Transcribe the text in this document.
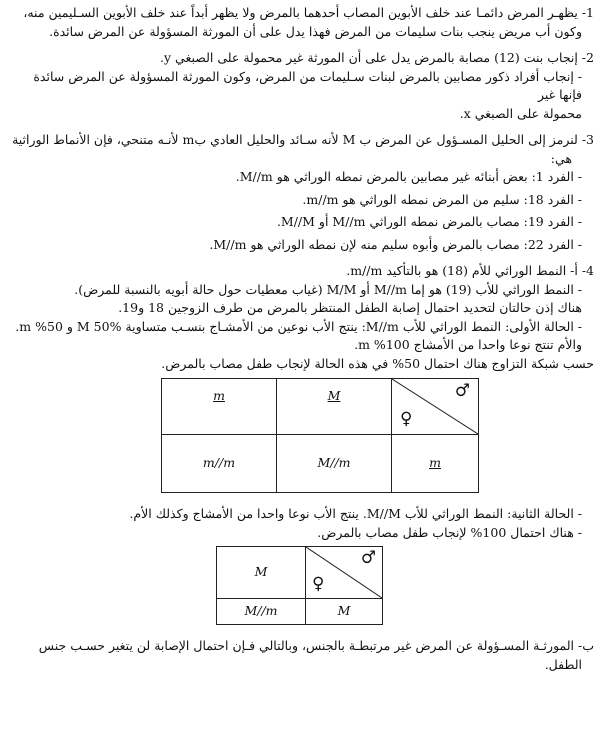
1- يظهـر المرض دائمـا عند خلف الأبوين المصاب أحدهما بالمرض ولا يظهر أبداً عند خلف الأبوين السـليمين منه،

وكون أب مريض ينجب بنات سليمات من المرض فهذا يدل على أن المورثة المسؤولة عن المرض سائدة.

2- إنجاب بنت (12) مصابة بالمرض يدل على أن المورثة غير محمولة على الصبغي y.

- إنجاب أفراد ذكور مصابين بالمرض لبنات سـليمات من المرض، وكون المورثة المسؤولة عن المرض سائدة فإنها غير

محمولة على الصبغي x.

3- لنرمز إلى الحليل المسـؤول عن المرض ب M لأنه سـائد والحليل العادي بm لأنـه متنحي، فإن الأنماط الوراثية

هي:

- الفرد 1: بعض أبنائه غير مصابين بالمرض نمطه الوراثي هو M//m.

- الفرد 18: سليم من المرض نمطه الوراثي هو m//m.

- الفرد 19: مصاب بالمرض نمطه الوراثي M//m أو M//M.

- الفرد 22: مصاب بالمرض وأبوه سليم منه لإن نمطه الوراثي هو M//m.

4- أ- النمط الوراثي للأم (18) هو بالتأكيد m//m.

- النمط الوراثي للأب (19) هو إما M//m أو M/M (غياب معطيات حول حالة أبويه بالنسبة للمرض).

هناك إذن حالتان لتحديد احتمال إصابة الطفل المنتظر بالمرض من طرف الزوجين 18 و19.

- الحالة الأولى: النمط الوراثي للأب M//m: ينتج الأب نوعين من الأمشـاج بنسـب متساوية M 50% و 50% m.

والأم تنتج نوعا واحدا من الأمشاج 100% m.

حسب شبكة التزاوج هناك احتمال 50% في هذه الحالة لإنجاب طفل مصاب بالمرض.

♂
♀	M	m
m	M//m	m//m

- الحالة الثانية: النمط الوراثي للأب M//M. ينتج الأب نوعا واحدا من الأمشاج وكذلك الأم.

- هناك احتمال 100% لإنجاب طفل مصاب بالمرض.

♂
♀	M
M	M//m

ب- المورثـة المسـؤولة عن المرض غير مرتبطـة بالجنس، وبالتالي فـإن احتمال الإصابة لن يتغير حسـب جنس

الطفل.
